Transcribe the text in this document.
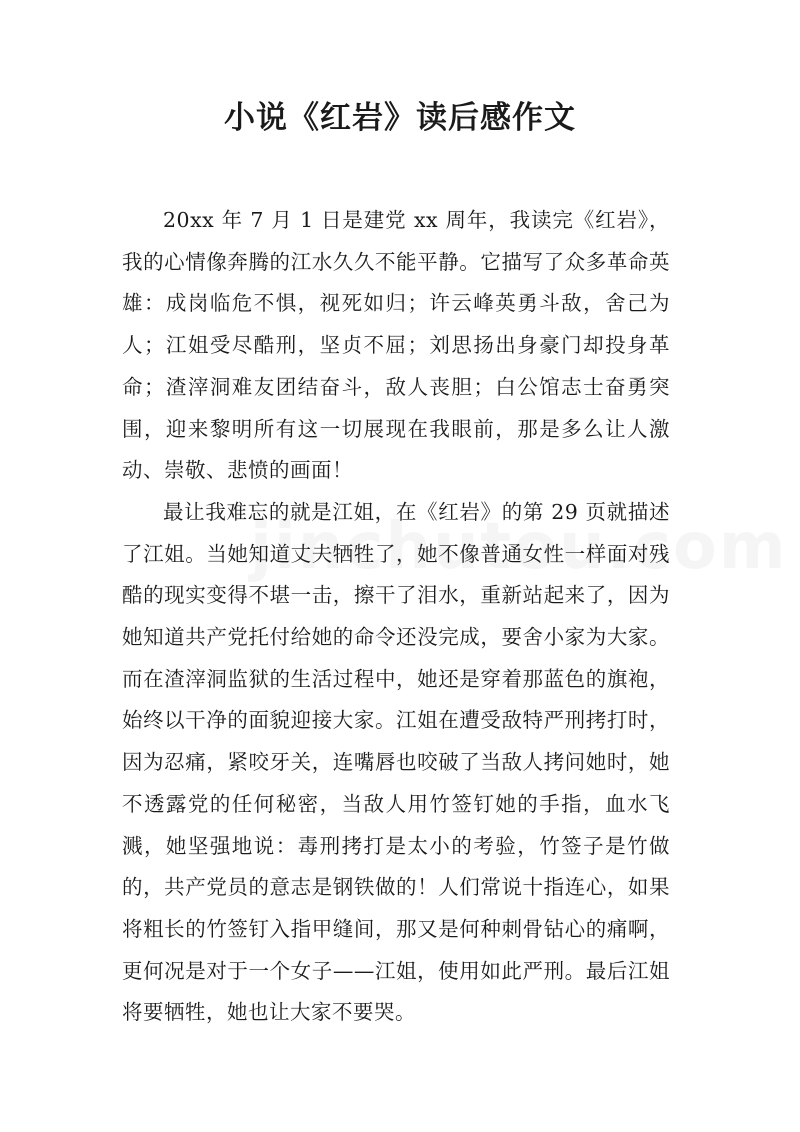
小说《红岩》读后感作文

20xx 年 7 月 1 日是建党 xx 周年，我读完《红岩》，我的心情像奔腾的江水久久不能平静。它描写了众多革命英雄：成岗临危不惧，视死如归；许云峰英勇斗敌，舍己为人；江姐受尽酷刑，坚贞不屈；刘思扬出身豪门却投身革命；渣滓洞难友团结奋斗，敌人丧胆；白公馆志士奋勇突围，迎来黎明所有这一切展现在我眼前，那是多么让人激动、崇敬、悲愤的画面！

最让我难忘的就是江姐，在《红岩》的第 29 页就描述了江姐。当她知道丈夫牺牲了，她不像普通女性一样面对残酷的现实变得不堪一击，擦干了泪水，重新站起来了，因为她知道共产党托付给她的命令还没完成，要舍小家为大家。而在渣滓洞监狱的生活过程中，她还是穿着那蓝色的旗袍，始终以干净的面貌迎接大家。江姐在遭受敌特严刑拷打时，因为忍痛，紧咬牙关，连嘴唇也咬破了当敌人拷问她时，她不透露党的任何秘密，当敌人用竹签钉她的手指，血水飞溅，她坚强地说：毒刑拷打是太小的考验，竹签子是竹做的，共产党员的意志是钢铁做的！人们常说十指连心，如果将粗长的竹签钉入指甲缝间，那又是何种刺骨钻心的痛啊，更何况是对于一个女子——江姐，使用如此严刑。最后江姐将要牺牲，她也让大家不要哭。
